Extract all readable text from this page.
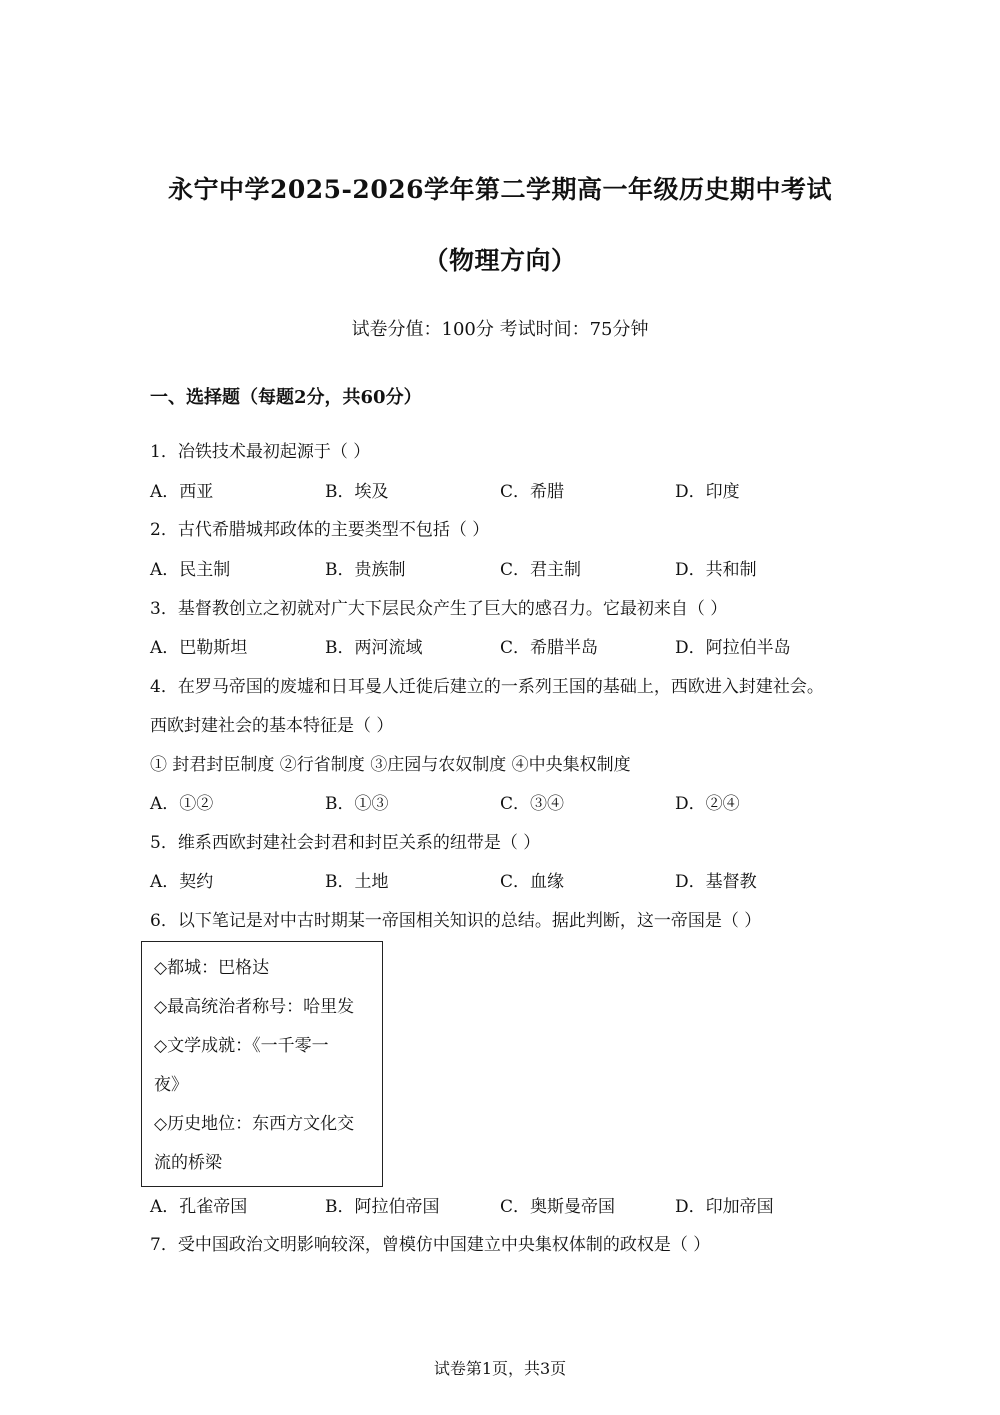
永宁中学2025-2026学年第二学期高一年级历史期中考试
（物理方向）
试卷分值：100分 考试时间：75分钟
一、选择题（每题2分，共60分）
1．冶铁技术最初起源于（ ）
A．西亚	B．埃及	C．希腊	D．印度
2．古代希腊城邦政体的主要类型不包括（ ）
A．民主制	B．贵族制	C．君主制	D．共和制
3．基督教创立之初就对广大下层民众产生了巨大的感召力。它最初来自（ ）
A．巴勒斯坦	B．两河流域	C．希腊半岛	D．阿拉伯半岛
4．在罗马帝国的废墟和日耳曼人迁徙后建立的一系列王国的基础上，西欧进入封建社会。
西欧封建社会的基本特征是（ ）
① 封君封臣制度 ②行省制度 ③庄园与农奴制度 ④中央集权制度
A．①②	B．①③	C．③④	D．②④
5．维系西欧封建社会封君和封臣关系的纽带是（ ）
A．契约	B．土地	C．血缘	D．基督教
6．以下笔记是对中古时期某一帝国相关知识的总结。据此判断，这一帝国是（ ）
◇都城：巴格达
◇最高统治者称号：哈里发
◇文学成就：《一千零一
夜》
◇历史地位：东西方文化交
流的桥梁
A．孔雀帝国	B．阿拉伯帝国	C．奥斯曼帝国	D．印加帝国
7．受中国政治文明影响较深，曾模仿中国建立中央集权体制的政权是（ ）
试卷第1页，共3页
